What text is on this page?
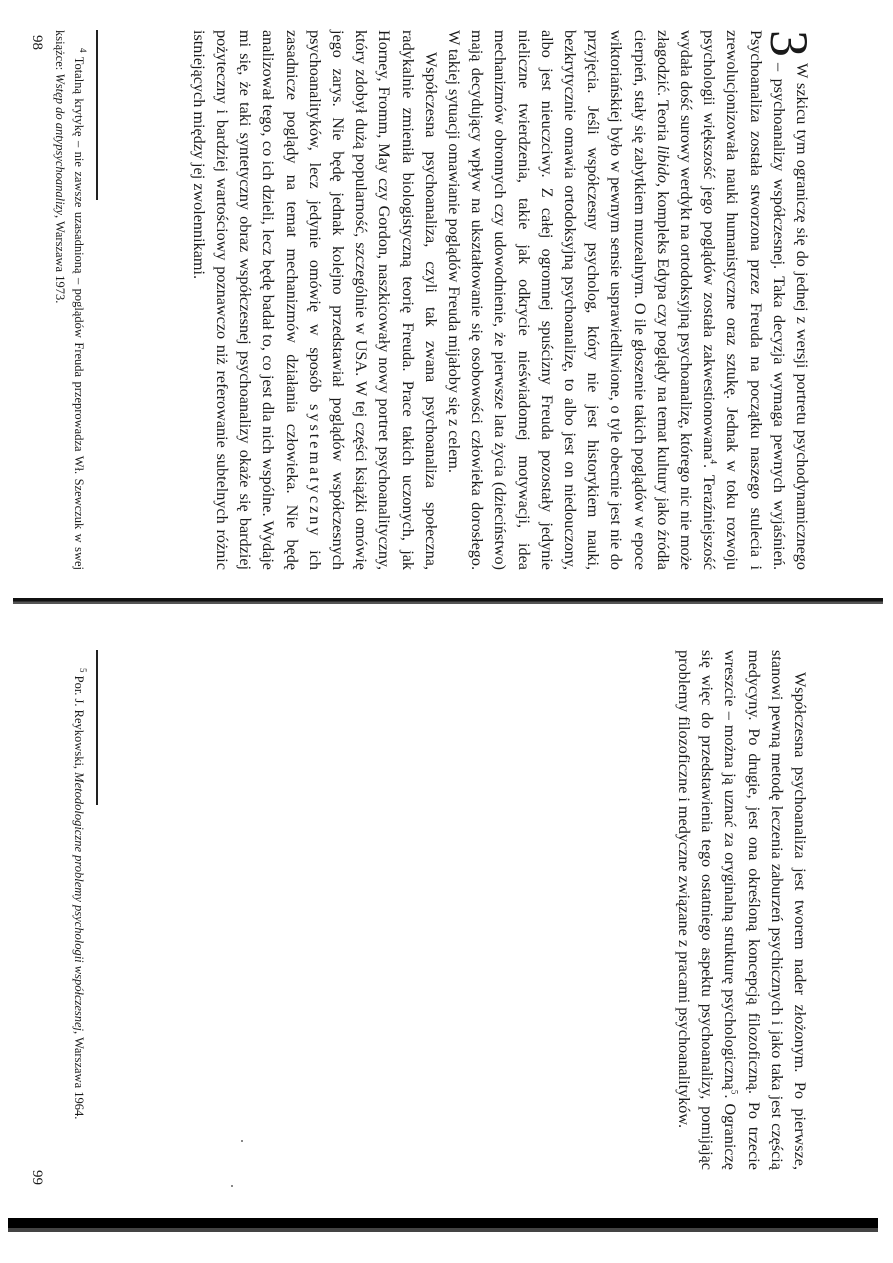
3
W szkicu tym ograniczę się do jednej z wersji portretu psychodynamicznego – psychoanalizy współczesnej. Taka decyzja wymaga pewnych wyjaśnień. Psychoanaliza została stworzona przez Freuda na początku naszego stulecia i zrewolucjonizowała nauki humanistyczne oraz sztukę. Jednak w toku rozwoju psychologii większość jego poglądów została zakwestionowana$^4$. Teraźniejszość wydała dość surowy werdykt na ortodoksyjną psychoanalizę, którego nic nie może złagodzić. Teoria libido, kompleks Edypa czy poglądy na temat kultury jako źródła cierpień, stały się zabytkiem muzealnym. O ile głoszenie takich poglądów w epoce wiktoriańskiej było w pewnym sensie usprawiedliwione, o tyle obecnie jest nie do przyjęcia. Jeśli współczesny psycholog, który nie jest historykiem nauki, bezkrytycznie omawia ortodoksyjną psychoanalizę, to albo jest on niedouczony, albo jest nieuczciwy. Z całej ogromnej spuścizny Freuda pozostały jedynie nieliczne twierdzenia, takie jak odkrycie nieświadomej motywacji, idea mechanizmów obronnych czy udowodnienie, że pierwsze lata życia (dzieciństwo) mają decydujący wpływ na ukształtowanie się osobowości człowieka dorosłego. W takiej sytuacji omawianie poglądów Freuda mijałoby się z celem.

Współczesna psychoanaliza, czyli tak zwana psychoanaliza społeczna, radykalnie zmieniła biologistyczną teorię Freuda. Prace takich uczonych, jak Horney, Fromm, May czy Gordon, naszkicowały nowy portret psychoanalityczny, który zdobył dużą popularność, szczególnie w USA. W tej części książki omówię jego zarys. Nie będę jednak kolejno przedstawiał poglądów współczesnych psychoanalityków, lecz jedynie omówię w sposób systematyczny ich zasadnicze poglądy na temat mechanizmów działania człowieka. Nie będę analizował tego, co ich dzieli, lecz będę badał to, co jest dla nich wspólne. Wydaje mi się, że taki syntetyczny obraz współczesnej psychoanalizy okaże się bardziej pożyteczny i bardziej wartościowy poznawczo niż referowanie subtelnych różnic istniejących między jej zwolennikami.

$^4$ Totalną krytykę – nie zawsze uzasadnioną – poglądów Freuda przeprowadza Wł. Szewczuk w swej książce: Wstęp do antypsychoanalizy, Warszawa 1973.
98

Współczesna psychoanaliza jest tworem nader złożonym. Po pierwsze, stanowi pewną metodę leczenia zaburzeń psychicznych i jako taka jest częścią medycyny. Po drugie, jest ona określoną koncepcją filozoficzną. Po trzecie wreszcie – można ją uznać za oryginalną strukturę psychologiczną$^5$. Ograniczę się więc do przedstawienia tego ostatniego aspektu psychoanalizy, pomijając problemy filozoficzne i medyczne związane z pracami psychoanalityków.

$^5$ Por. J. Reykowski, Metodologiczne problemy psychologii współczesnej, Warszawa 1964.
99
